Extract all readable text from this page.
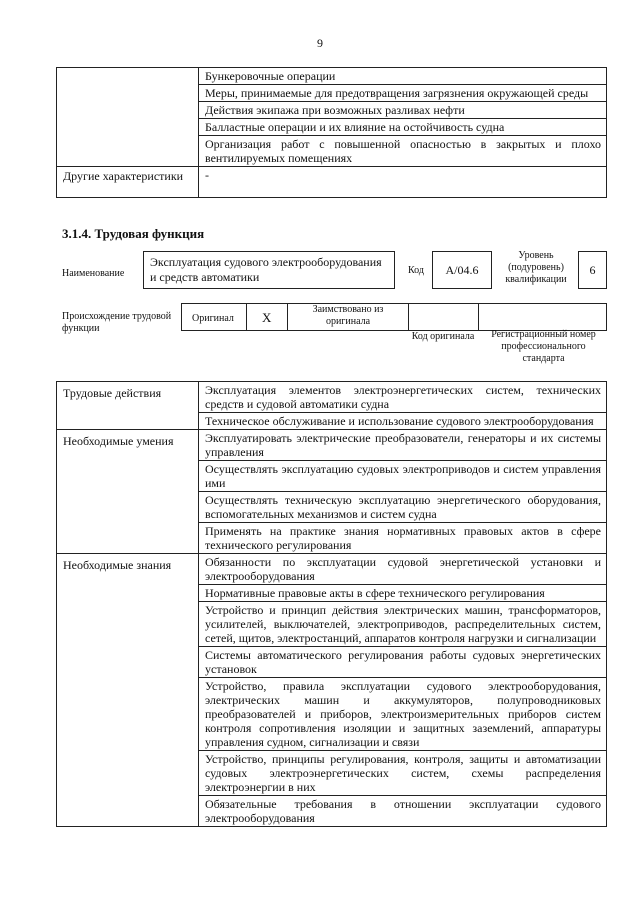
9
	Бункеровочные операции
	Меры, принимаемые для предотвращения загрязнения окружающей среды
	Действия экипажа при возможных разливах нефти
	Балластные операции и их влияние на остойчивость судна
	Организация работ с повышенной опасностью в закрытых и плохо вентилируемых помещениях
Другие характеристики	-
3.1.4. Трудовая функция
Наименование
Эксплуатация судового электрооборудования и средств автоматики	Код	A/04.6
Уровень (подуровень) квалификации
6
Происхождение трудовой функции
Оригинал X
Заимствовано из оригинала
Код оригинала	Регистрационный номер профессионального стандарта
Трудовые действия	Эксплуатация элементов электроэнергетических систем, технических средств и судовой автоматики судна
	Техническое обслуживание и использование судового электрооборудования
Необходимые умения	Эксплуатировать электрические преобразователи, генераторы и их системы управления
	Осуществлять эксплуатацию судовых электроприводов и систем управления ими
	Осуществлять техническую эксплуатацию энергетического оборудования, вспомогательных механизмов и систем судна
	Применять на практике знания нормативных правовых актов в сфере технического регулирования
Необходимые знания	Обязанности по эксплуатации судовой энергетической установки и электрооборудования
	Нормативные правовые акты в сфере технического регулирования
	Устройство и принцип действия электрических машин, трансформаторов, усилителей, выключателей, электроприводов, распределительных систем, сетей, щитов, электростанций, аппаратов контроля нагрузки и сигнализации
	Системы автоматического регулирования работы судовых энергетических установок
	Устройство, правила эксплуатации судового электрооборудования, электрических машин и аккумуляторов, полупроводниковых преобразователей и приборов, электроизмерительных приборов систем контроля сопротивления изоляции и защитных заземлений, аппаратуры управления судном, сигнализации и связи
	Устройство, принципы регулирования, контроля, защиты и автоматизации судовых электроэнергетических систем, схемы распределения электроэнергии в них
	Обязательные требования в отношении эксплуатации судового электрооборудования
